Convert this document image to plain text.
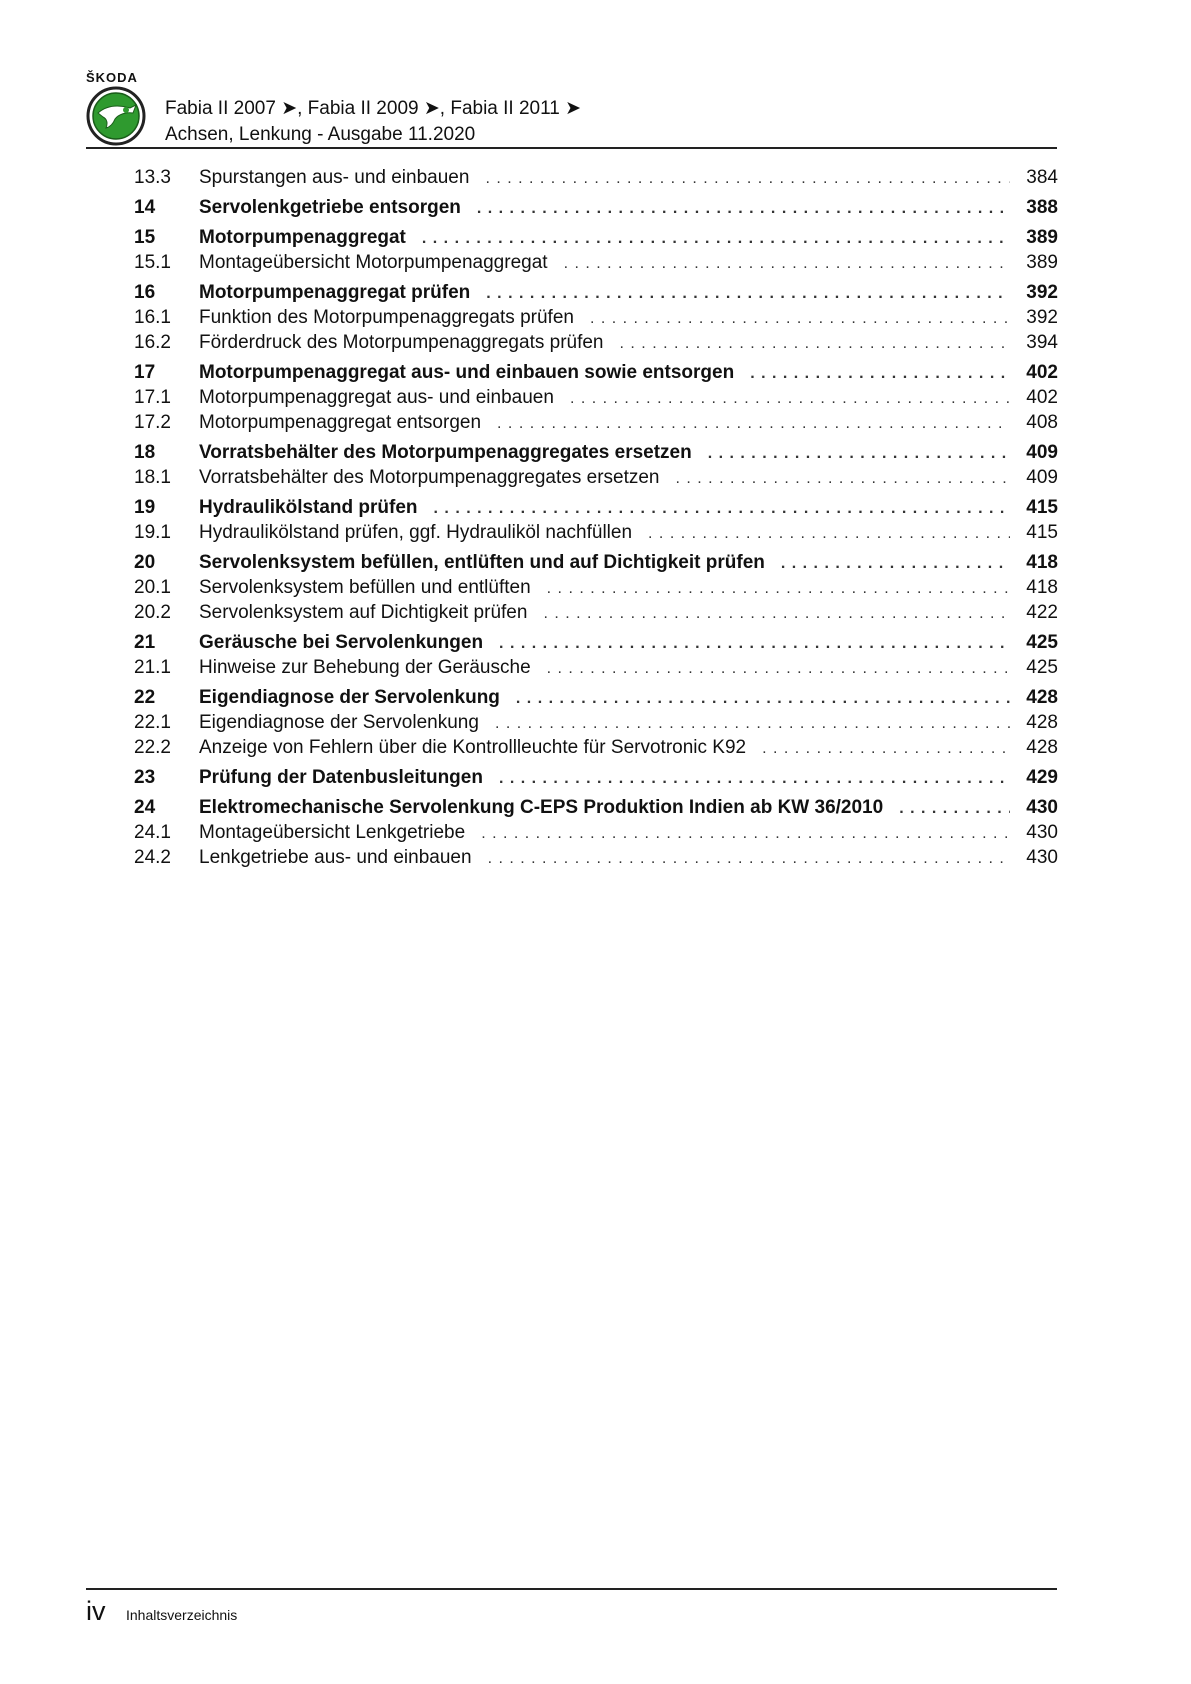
ŠKODA
Fabia II 2007 ➤, Fabia II 2009 ➤, Fabia II 2011 ➤
Achsen, Lenkung - Ausgabe 11.2020
13.3	Spurstangen aus- und einbauen . . .	384
14	Servolenkgetriebe entsorgen . . .	388
15	Motorpumpenaggregat . . .	389
15.1	Montageübersicht Motorpumpenaggregat . . .	389
16	Motorpumpenaggregat prüfen . . .	392
16.1	Funktion des Motorpumpenaggregats prüfen . . .	392
16.2	Förderdruck des Motorpumpenaggregats prüfen . . .	394
17	Motorpumpenaggregat aus- und einbauen sowie entsorgen . . .	402
17.1	Motorpumpenaggregat aus- und einbauen . . .	402
17.2	Motorpumpenaggregat entsorgen . . .	408
18	Vorratsbehälter des Motorpumpenaggregates ersetzen . . .	409
18.1	Vorratsbehälter des Motorpumpenaggregates ersetzen . . .	409
19	Hydraulikölstand prüfen . . .	415
19.1	Hydraulikölstand prüfen, ggf. Hydrauliköl nachfüllen . . .	415
20	Servolenksystem befüllen, entlüften und auf Dichtigkeit prüfen . . .	418
20.1	Servolenksystem befüllen und entlüften . . .	418
20.2	Servolenksystem auf Dichtigkeit prüfen . . .	422
21	Geräusche bei Servolenkungen . . .	425
21.1	Hinweise zur Behebung der Geräusche . . .	425
22	Eigendiagnose der Servolenkung . . .	428
22.1	Eigendiagnose der Servolenkung . . .	428
22.2	Anzeige von Fehlern über die Kontrollleuchte für Servotronic K92 . . .	428
23	Prüfung der Datenbusleitungen . . .	429
24	Elektromechanische Servolenkung C-EPS Produktion Indien ab KW 36/2010 . . .	430
24.1	Montageübersicht Lenkgetriebe . . .	430
24.2	Lenkgetriebe aus- und einbauen . . .	430
iv Inhaltsverzeichnis
